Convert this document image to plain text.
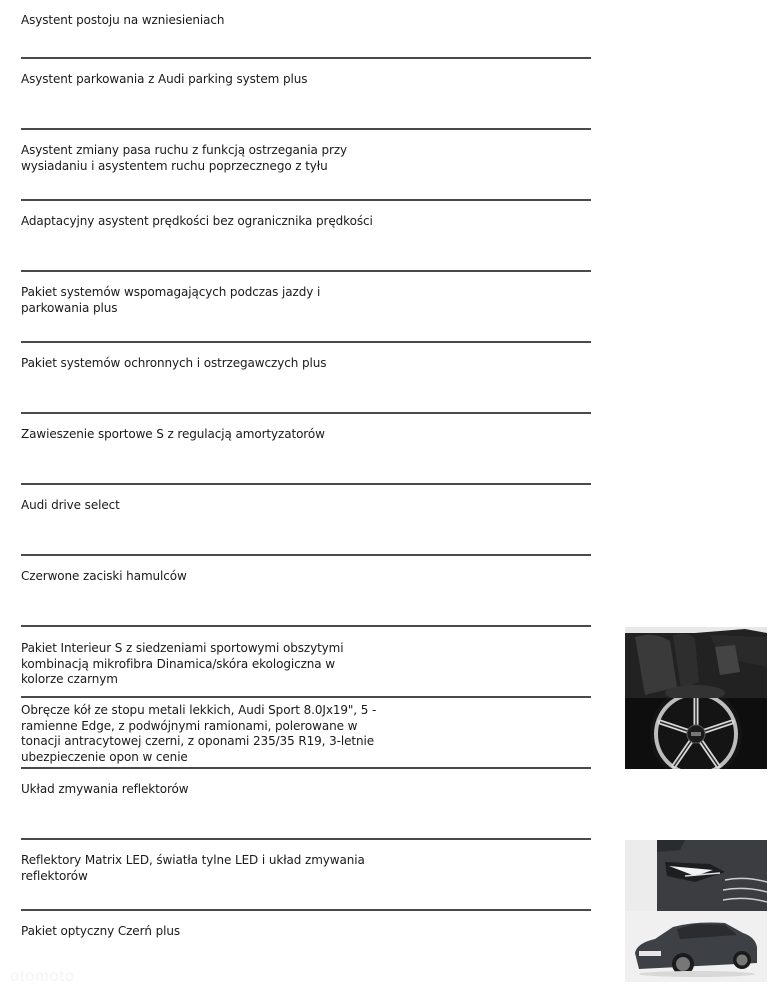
Asystent postoju na wzniesieniach
Asystent parkowania z Audi parking system plus
Asystent zmiany pasa ruchu z funkcją ostrzegania przy wysiadaniu i asystentem ruchu poprzecznego z tyłu
Adaptacyjny asystent prędkości bez ogranicznika prędkości
Pakiet systemów wspomagających podczas jazdy i parkowania plus
Pakiet systemów ochronnych i ostrzegawczych plus
Zawieszenie sportowe S z regulacją amortyzatorów
Audi drive select
Czerwone zaciski hamulców
Pakiet Interieur S z siedzeniami sportowymi obszytymi kombinacją mikrofibra Dinamica/skóra ekologiczna w kolorze czarnym
Obręcze kół ze stopu metali lekkich, Audi Sport 8.0Jx19", 5 - ramienne Edge, z podwójnymi ramionami, polerowane w tonacji antracytowej czerni, z oponami 235/35 R19, 3-letnie ubezpieczenie opon w cenie
Układ zmywania reflektorów
Reflektory Matrix LED, światła tylne LED i układ zmywania reflektorów
Pakiet optyczny Czerń plus
otomoto
